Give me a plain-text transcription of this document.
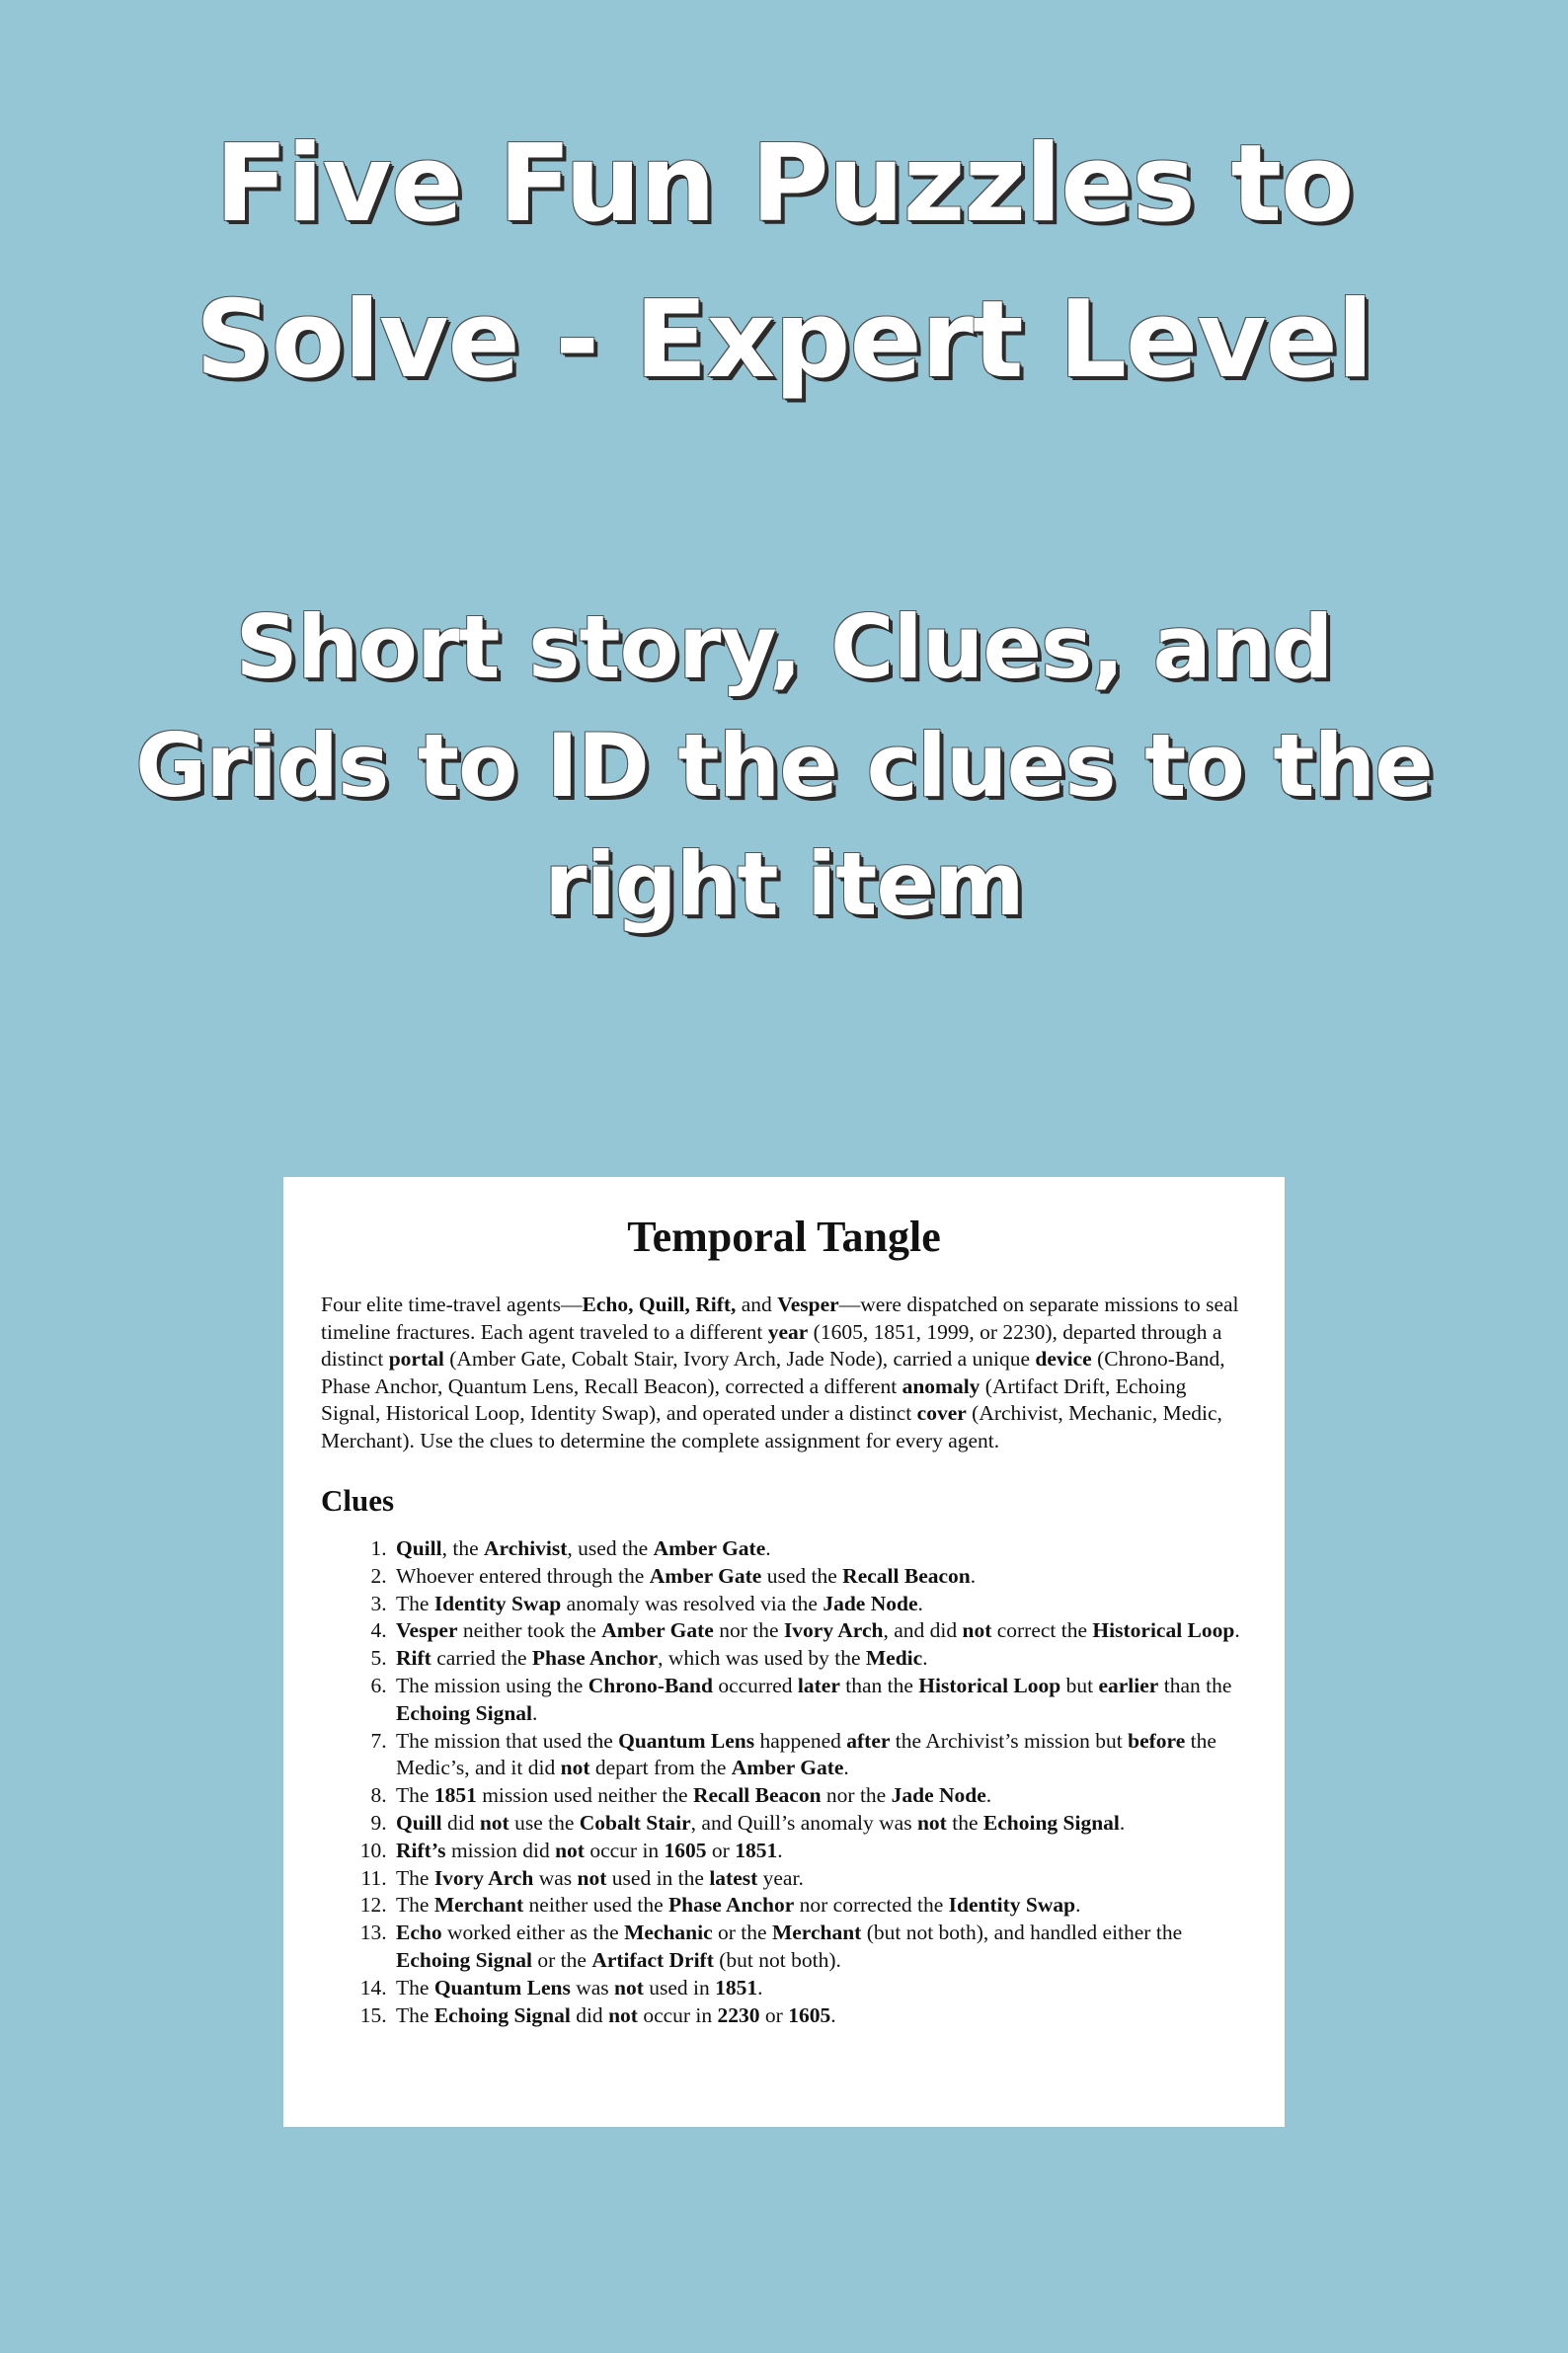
Five Fun Puzzles to
Solve - Expert Level
Short story, Clues, and
Grids to ID the clues to the
right item
Temporal Tangle

Four elite time-travel agents—Echo, Quill, Rift, and Vesper—were dispatched on separate missions to seal timeline fractures. Each agent traveled to a different year (1605, 1851, 1999, or 2230), departed through a distinct portal (Amber Gate, Cobalt Stair, Ivory Arch, Jade Node), carried a unique device (Chrono-Band, Phase Anchor, Quantum Lens, Recall Beacon), corrected a different anomaly (Artifact Drift, Echoing Signal, Historical Loop, Identity Swap), and operated under a distinct cover (Archivist, Mechanic, Medic, Merchant). Use the clues to determine the complete assignment for every agent.

Clues
1. Quill, the Archivist, used the Amber Gate.
2. Whoever entered through the Amber Gate used the Recall Beacon.
3. The Identity Swap anomaly was resolved via the Jade Node.
4. Vesper neither took the Amber Gate nor the Ivory Arch, and did not correct the Historical Loop.
5. Rift carried the Phase Anchor, which was used by the Medic.
6. The mission using the Chrono-Band occurred later than the Historical Loop but earlier than the Echoing Signal.
7. The mission that used the Quantum Lens happened after the Archivist’s mission but before the Medic’s, and it did not depart from the Amber Gate.
8. The 1851 mission used neither the Recall Beacon nor the Jade Node.
9. Quill did not use the Cobalt Stair, and Quill’s anomaly was not the Echoing Signal.
10. Rift’s mission did not occur in 1605 or 1851.
11. The Ivory Arch was not used in the latest year.
12. The Merchant neither used the Phase Anchor nor corrected the Identity Swap.
13. Echo worked either as the Mechanic or the Merchant (but not both), and handled either the Echoing Signal or the Artifact Drift (but not both).
14. The Quantum Lens was not used in 1851.
15. The Echoing Signal did not occur in 2230 or 1605.
